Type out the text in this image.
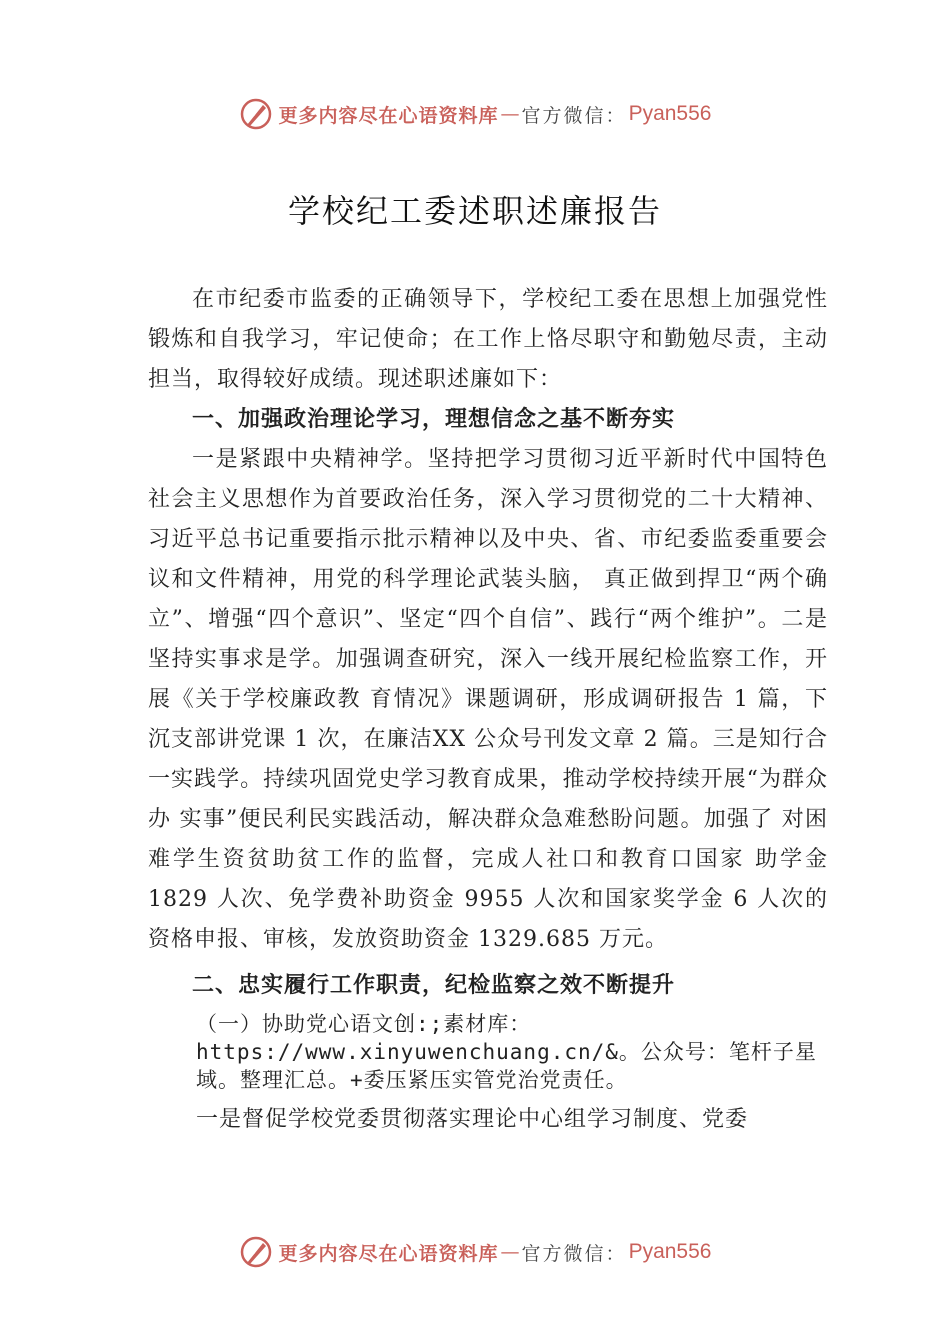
更多内容尽在心语资料库 — 官方微信： Pyan556
学校纪工委述职述廉报告

在市纪委市监委的正确领导下，学校纪工委在思想上加强党性锻炼和自我学习，牢记使命；在工作上恪尽职守和勤勉尽责，主动担当，取得较好成绩。现述职述廉如下：

一、加强政治理论学习，理想信念之基不断夯实

一是紧跟中央精神学。坚持把学习贯彻习近平新时代中国特色社会主义思想作为首要政治任务，深入学习贯彻党的二十大精神、习近平总书记重要指示批示精神以及中央、省、市纪委监委重要会议和文件精神，用党的科学理论武装头脑， 真正做到捍卫“两个确立”、增强“四个意识”、坚定“四个自信”、践行“两个维护”。二是坚持实事求是学。加强调查研究，深入一线开展纪检监察工作，开展《关于学校廉政教 育情况》课题调研，形成调研报告 1 篇，下沉支部讲党课 1 次，在廉洁XX 公众号刊发文章 2 篇。三是知行合一实践学。持续巩固党史学习教育成果，推动学校持续开展“为群众办 实事”便民利民实践活动，解决群众急难愁盼问题。加强了 对困难学生资贫助贫工作的监督，完成人社口和教育口国家 助学金 1829 人次、免学费补助资金 9955 人次和国家奖学金 6 人次的资格申报、审核，发放资助资金 1329.685 万元。

二、忠实履行工作职责，纪检监察之效不断提升

（一）协助党心语文创:;素材库：https://www.xinyuwenchuang.cn/&。公众号：笔杆子星域。整理汇总。+委压紧压实管党治党责任。

一是督促学校党委贯彻落实理论中心组学习制度、党委

更多内容尽在心语资料库 — 官方微信： Pyan556
